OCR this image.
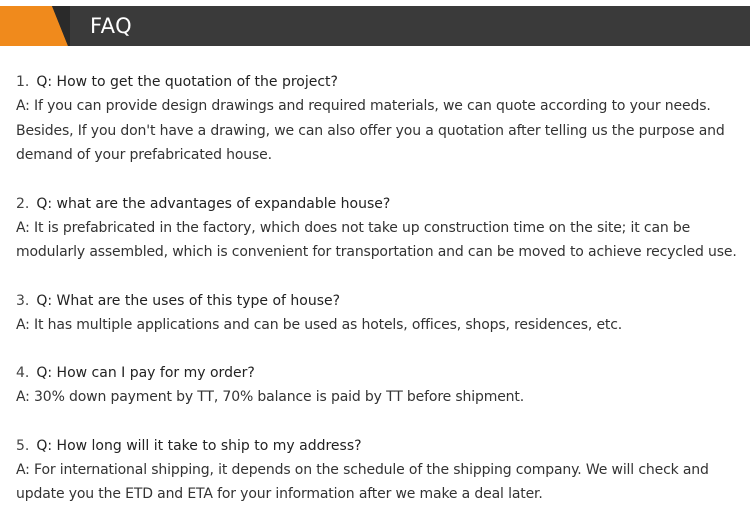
FAQ
1. Q: How to get the quotation of the project?
A: If you can provide design drawings and required materials, we can quote according to your needs. Besides, If you don't have a drawing, we can also offer you a quotation after telling us the purpose and demand of your prefabricated house.
2. Q: what are the advantages of expandable house?
A: It is prefabricated in the factory, which does not take up construction time on the site; it can be modularly assembled, which is convenient for transportation and can be moved to achieve recycled use.
3. Q: What are the uses of this type of house?
A: It has multiple applications and can be used as hotels, offices, shops, residences, etc.
4. Q: How can I pay for my order?
A: 30% down payment by TT, 70% balance is paid by TT before shipment.
5. Q: How long will it take to ship to my address?
A: For international shipping, it depends on the schedule of the shipping company. We will check and update you the ETD and ETA for your information after we make a deal later.
